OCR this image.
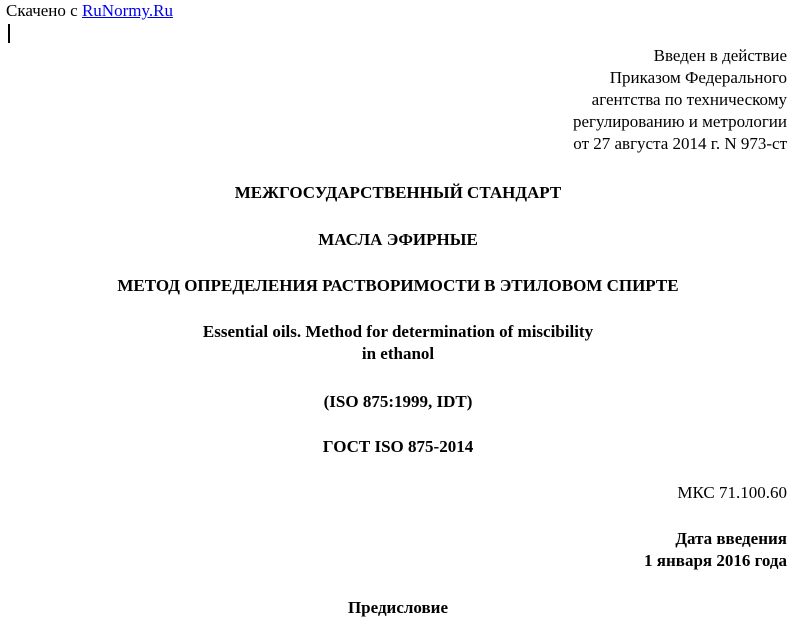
Скачено с RuNormy.Ru
Введен в действие
Приказом Федерального
агентства по техническому
регулированию и метрологии
от 27 августа 2014 г. N 973-ст
МЕЖГОСУДАРСТВЕННЫЙ СТАНДАРТ
МАСЛА ЭФИРНЫЕ
МЕТОД ОПРЕДЕЛЕНИЯ РАСТВОРИМОСТИ В ЭТИЛОВОМ СПИРТЕ
Essential oils. Method for determination of miscibility
in ethanol
(ISO 875:1999, IDT)
ГОСТ ISO 875-2014
МКС 71.100.60
Дата введения
1 января 2016 года
Предисловие
